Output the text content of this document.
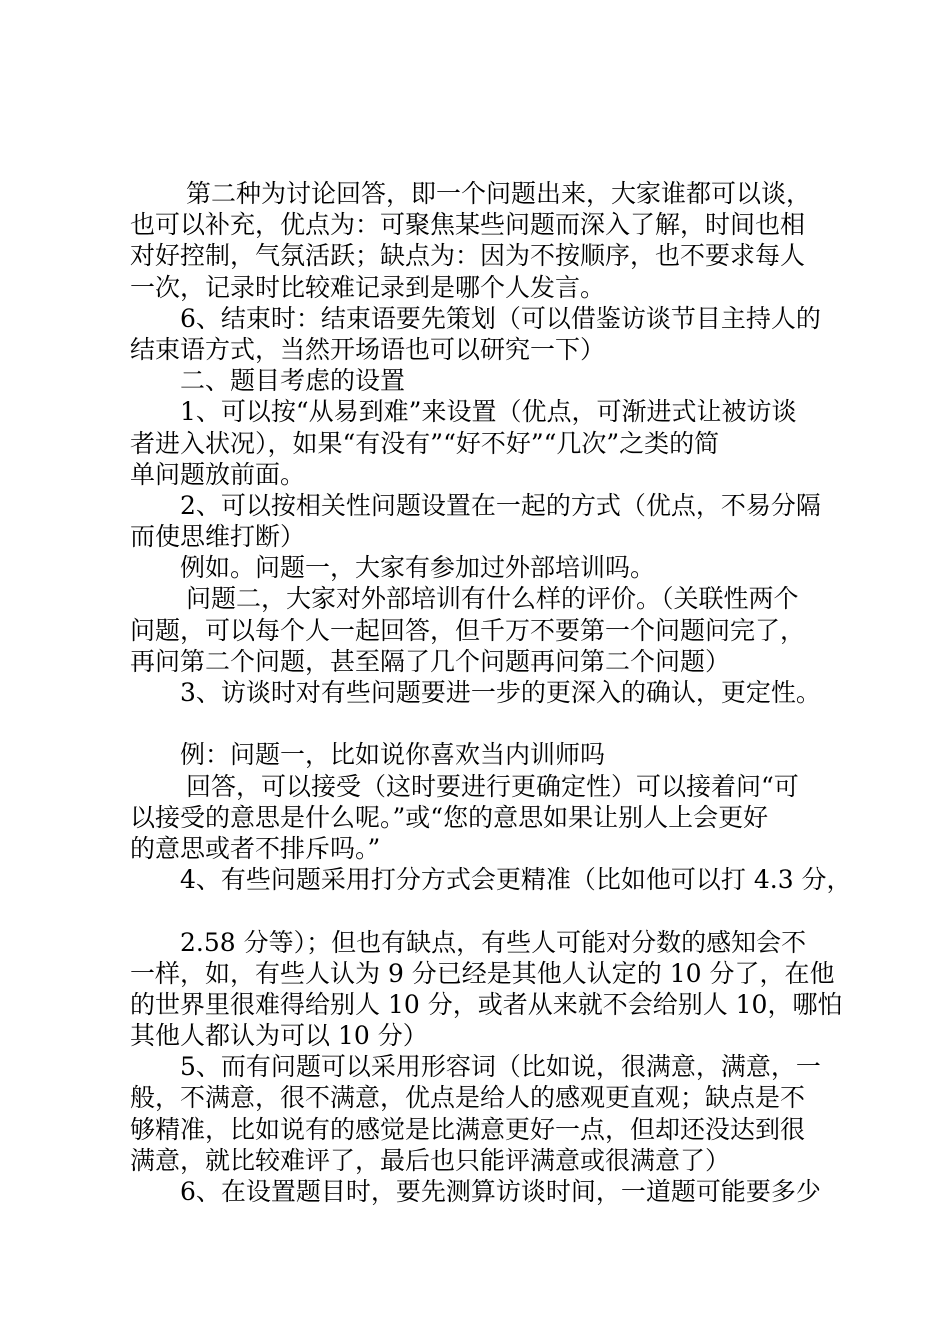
第二种为讨论回答，即一个问题出来，大家谁都可以谈，
也可以补充，优点为：可聚焦某些问题而深入了解，时间也相
对好控制，气氛活跃；缺点为：因为不按顺序，也不要求每人
一次，记录时比较难记录到是哪个人发言。
6、结束时：结束语要先策划（可以借鉴访谈节目主持人的
结束语方式，当然开场语也可以研究一下）
二、题目考虑的设置
1、可以按“从易到难”来设置（优点，可渐进式让被访谈
者进入状况），如果“有没有”“好不好”“几次”之类的简
单问题放前面。
2、可以按相关性问题设置在一起的方式（优点，不易分隔
而使思维打断）
例如。问题一，大家有参加过外部培训吗。
问题二，大家对外部培训有什么样的评价。（关联性两个
问题，可以每个人一起回答，但千万不要第一个问题问完了，
再问第二个问题，甚至隔了几个问题再问第二个问题）
3、访谈时对有些问题要进一步的更深入的确认，更定性。
例：问题一，比如说你喜欢当内训师吗
回答，可以接受（这时要进行更确定性）可以接着问“可
以接受的意思是什么呢。”或“您的意思如果让别人上会更好
的意思或者不排斥吗。”
4、有些问题采用打分方式会更精准（比如他可以打 4.3 分，
2.58 分等）；但也有缺点，有些人可能对分数的感知会不
一样，如，有些人认为 9 分已经是其他人认定的 10 分了，在他
的世界里很难得给别人 10 分，或者从来就不会给别人 10，哪怕
其他人都认为可以 10 分）
5、而有问题可以采用形容词（比如说，很满意，满意，一
般，不满意，很不满意，优点是给人的感观更直观；缺点是不
够精准，比如说有的感觉是比满意更好一点，但却还没达到很
满意，就比较难评了，最后也只能评满意或很满意了）
6、在设置题目时，要先测算访谈时间，一道题可能要多少
